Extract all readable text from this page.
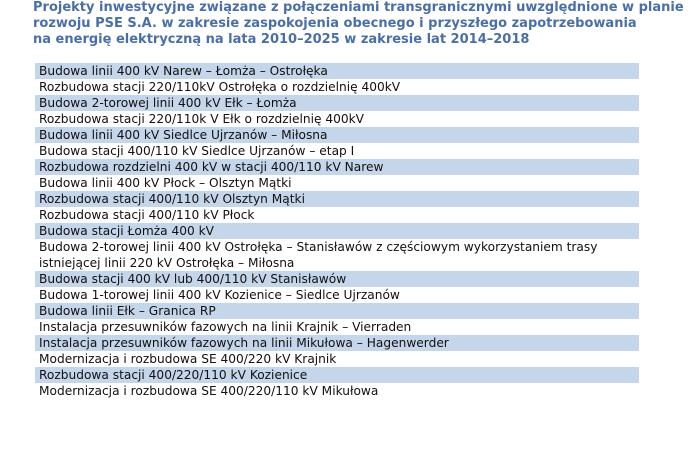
Projekty inwestycyjne związane z połączeniami transgranicznymi uwzględnione w planie
rozwoju PSE S.A. w zakresie zaspokojenia obecnego i przyszłego zapotrzebowania
na energię elektryczną na lata 2010–2025 w zakresie lat 2014–2018
Budowa linii 400 kV Narew – Łomża – Ostrołęka
Rozbudowa stacji 220/110kV Ostrołęka o rozdzielnię 400kV
Budowa 2-torowej linii 400 kV Ełk – Łomża
Rozbudowa stacji 220/110k V Ełk o rozdzielnię 400kV
Budowa linii 400 kV Siedlce Ujrzanów – Miłosna
Budowa stacji 400/110 kV Siedlce Ujrzanów – etap I
Rozbudowa rozdzielni 400 kV w stacji 400/110 kV Narew
Budowa linii 400 kV Płock – Olsztyn Mątki
Rozbudowa stacji 400/110 kV Olsztyn Mątki
Rozbudowa stacji 400/110 kV Płock
Budowa stacji Łomża 400 kV
Budowa 2-torowej linii 400 kV Ostrołęka – Stanisławów z częściowym wykorzystaniem trasy
istniejącej linii 220 kV Ostrołęka – Miłosna
Budowa stacji 400 kV lub 400/110 kV Stanisławów
Budowa 1-torowej linii 400 kV Kozienice – Siedlce Ujrzanów
Budowa linii Ełk – Granica RP
Instalacja przesuwników fazowych na linii Krajnik – Vierraden
Instalacja przesuwników fazowych na linii Mikułowa – Hagenwerder
Modernizacja i rozbudowa SE 400/220 kV Krajnik
Rozbudowa stacji 400/220/110 kV Kozienice
Modernizacja i rozbudowa SE 400/220/110 kV Mikułowa
